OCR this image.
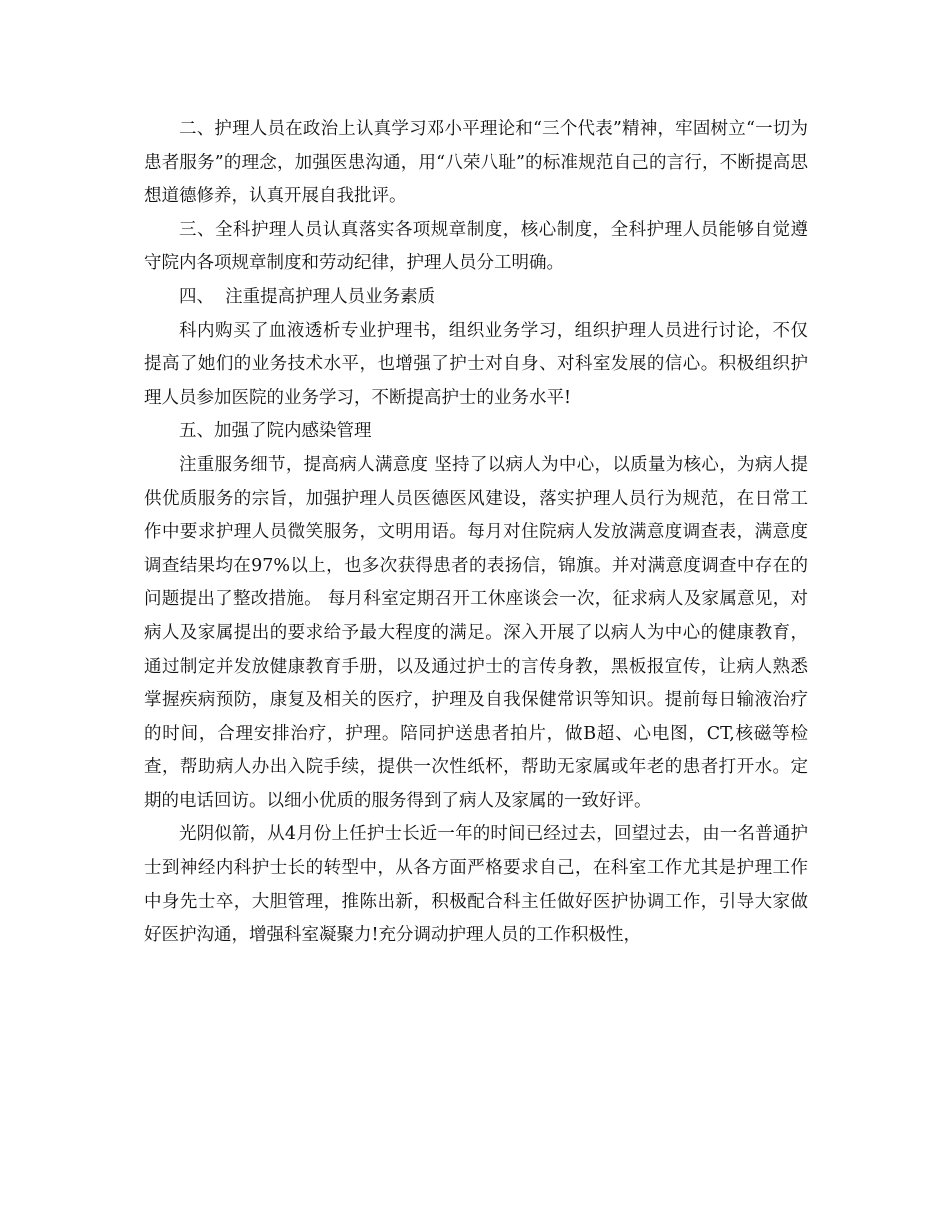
二、护理人员在政治上认真学习邓小平理论和“三个代表”精神，牢固树立“一切为患者服务”的理念，加强医患沟通，用“八荣八耻”的标准规范自己的言行，不断提高思想道德修养，认真开展自我批评。

三、全科护理人员认真落实各项规章制度，核心制度，全科护理人员能够自觉遵守院内各项规章制度和劳动纪律，护理人员分工明确。

四、  注重提高护理人员业务素质

科内购买了血液透析专业护理书，组织业务学习，组织护理人员进行讨论，不仅提高了她们的业务技术水平，也增强了护士对自身、对科室发展的信心。积极组织护理人员参加医院的业务学习，不断提高护士的业务水平!

五、加强了院内感染管理

注重服务细节，提高病人满意度 坚持了以病人为中心，以质量为核心，为病人提供优质服务的宗旨，加强护理人员医德医风建设，落实护理人员行为规范，在日常工作中要求护理人员微笑服务，文明用语。每月对住院病人发放满意度调查表，满意度调查结果均在97%以上，也多次获得患者的表扬信，锦旗。并对满意度调查中存在的问题提出了整改措施。 每月科室定期召开工休座谈会一次，征求病人及家属意见，对病人及家属提出的要求给予最大程度的满足。深入开展了以病人为中心的健康教育，通过制定并发放健康教育手册，以及通过护士的言传身教，黑板报宣传，让病人熟悉掌握疾病预防，康复及相关的医疗，护理及自我保健常识等知识。提前每日输液治疗的时间，合理安排治疗，护理。陪同护送患者拍片，做B超、心电图，CT,核磁等检查，帮助病人办出入院手续，提供一次性纸杯，帮助无家属或年老的患者打开水。定期的电话回访。以细小优质的服务得到了病人及家属的一致好评。

光阴似箭，从4月份上任护士长近一年的时间已经过去，回望过去，由一名普通护士到神经内科护士长的转型中，从各方面严格要求自己，在科室工作尤其是护理工作中身先士卒，大胆管理，推陈出新，积极配合科主任做好医护协调工作，引导大家做好医护沟通，增强科室凝聚力!充分调动护理人员的工作积极性，
